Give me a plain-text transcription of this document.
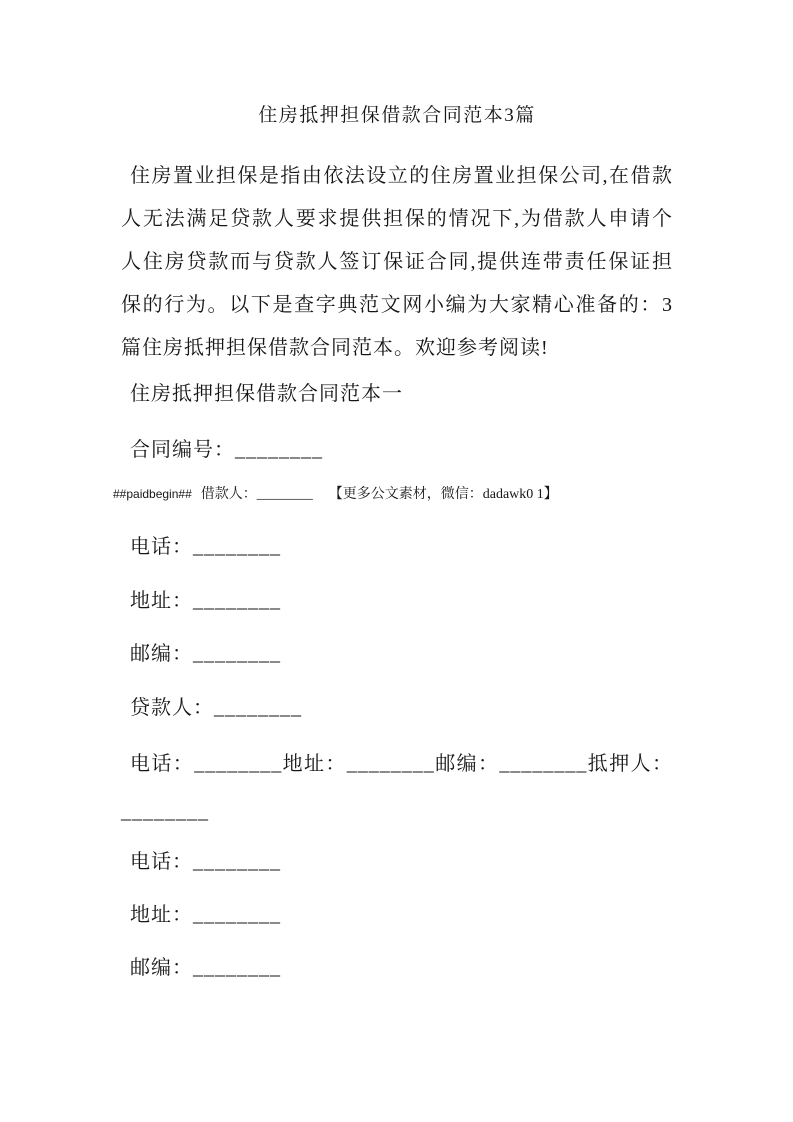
住房抵押担保借款合同范本3篇
住房置业担保是指由依法设立的住房置业担保公司,在借款
人无法满足贷款人要求提供担保的情况下,为借款人申请个
人住房贷款而与贷款人签订保证合同,提供连带责任保证担
保的行为。以下是查字典范文网小编为大家精心准备的：3
篇住房抵押担保借款合同范本。欢迎参考阅读!
住房抵押担保借款合同范本一
合同编号：________
##paidbegin## 借款人：________ 【更多公文素材，微信：dadawk0 1】
电话：________
地址：________
邮编：________
贷款人：________
电话：________地址：________邮编：________抵押人：
________
电话：________
地址：________
邮编：________
